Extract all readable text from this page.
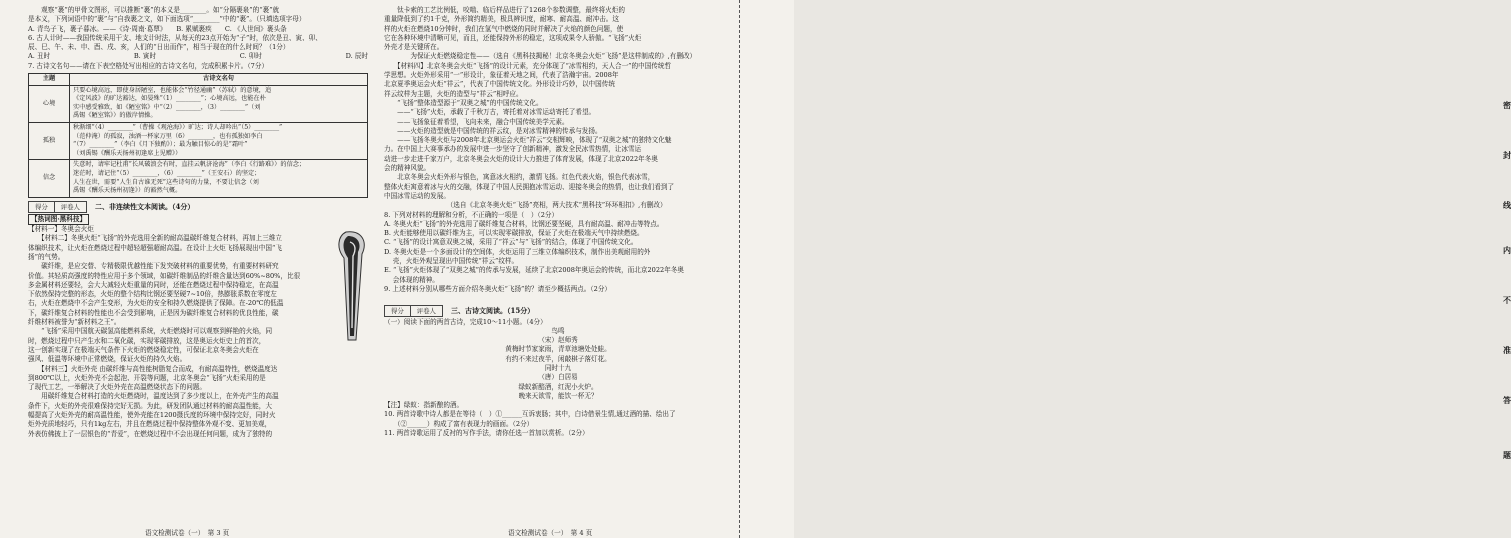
　　观察“裹”的甲骨文图形，可以推断“裹”的本义是________。如“分隔裹泉”的“裹”就

是本义，下列词语中的“裹”与“自我裹之文，如下面选项“________”中的“裹”。（只填选项字母）

A. 青鸟子飞，裹子暮冰。——《诗·周南·葛覃》　　B. 累赋裹疾　　C. 《人世间》裹头条

6. 古人计时——我国传统采用干支、地支计时法，从每天的23点开始为“子”时，依次是丑、寅、卯、

辰、巳、午、未、申、酉、戌、亥，人们的“日出而作”，相当于现在的什么时间？（1分）

A. 丑时	B. 寅时	C. 卯时	D. 辰时

7. 古诗文名句——请在下表空格处写出相应的古诗文名句，完成积累卡片。（7分）

主题	古诗文名句
心境	只要心境高远，即使身居陋室，也能体会“竹径通幽”（苏轼）的意境，追
《定风波》的旷达豁达，如晏殊“（1）________”；心境高远，也能在朴
实中感受雅致，如《陋室铭》中“（2）________，（3）________”（刘
禹锡《陋室铭》）的傲岸情操。

孤独	秋渐细“（4）________”（曹操《观沧海》）旷达；诗人却吟出“（5）________”
（范仲淹）的孤寂，浊酒一杯家万里（6）________，也有孤独如李白
“（7）________”（李白《月下独酌》）；最为触目惊心的是“霜叶”
（刘禹锡《酬乐天扬州初逢席上见赠》）

信念	失意时，请牢记杜甫“长风破浪会有时，直挂云帆济沧海”（李白《行路难》）的信念；
迷茫时，请记住“（5）________，（6）________”（王安石）的坚定；
人生在世，需要“人生自古谁无死”这些诗句的力量，不要让信念（刘
禹锡《酬乐天扬州初逢》）的豁然气概。
得分	评卷人	二、非连续性文本阅读。（4分）

【热词图·黑科技】

【材料一】冬奥会火炬

　　【材料二】冬奥火炬“飞扬”的外壳选用全新的耐高温碳纤维复合材料，再加上三维立

体编织技术，让火炬在燃烧过程中超轻超强超耐高温。在设计上火炬飞扬展现出中国“飞

扬”的气势。

　　碳纤维，是应交替、专精极限优越性能下发突破材料的重要优势，有重要材料研究

价值。其轻质高强度的特性应用于多个领域，如碳纤维制品的纤维含量达到60%~80%，比很

多金属材料还要轻，会大大减轻火炬重量的同时，还能在燃烧过程中保持稳定，在高温

下依然保持完整的形态，火炬的整个结构比钢还要坚硬7~10倍，热膨胀系数在零度左

右，火炬在燃烧中不会产生变形，为火炬的安全和持久燃烧提供了保障。在-20℃的低温

下，碳纤维复合材料的性能也不会受到影响，正是因为碳纤维复合材料的优良性能，碳

纤维材料被誉为“新材料之王”。

　　“飞扬”采用中国航天碳氢高能燃料系统，火炬燃烧时可以观察到鲜艳的火焰，同

时，燃烧过程中只产生水和二氧化碳，实现零碳排放，这是奥运火炬史上的首次，

这一创新实现了在极端天气条件下火炬的燃烧稳定性，可保证北京冬奥会火炬在

强风、低温等环境中正常燃烧，保证火炬的持久火焰。

　　【材料三】火炬外壳 由碳纤维与高性能树脂复合而成，有耐高温特性，燃烧温度达

到800℃以上，火炬外壳不会起泡、开裂等问题，北京冬奥会“飞扬”火炬采用的是

了现代工艺，一举解决了火炬外壳在高温燃烧状态下的问题。

　　用碳纤维复合材料打造的火炬燃烧时，温度达到了多少度以上，在外壳产生的高温

条件下，火炬的外壳很难保持完好无损。为此，研发团队通过材料的耐高温性能，大

幅提高了火炬外壳的耐高温性能，使外壳能在1200摄氏度的环境中保持完好，同时火

炬外壳质地轻巧，只有1kg左右，并且在燃烧过程中保持整体外观不变、更加美观，

外表仿佛披上了一层银色的“青爱”，在燃烧过程中不会出现任何问题，成为了独特的

　　钛卡索的工艺比例低，咬啮、临后样品进行了1268个参数调整，最终将火炬的

重量降低到了约1千克，外形简约精美，极具辨识度，耐寒、耐高温、耐冲击。这

样的火炬在燃烧10分钟时，我们在氢气中燃烧的同时并解决了火焰的颜色问题，使

它在各种环境中清晰可见，而且，还能保持外形的稳定，这项成果令人骄傲。“飞扬”火炬

外壳才是关键所在。

　　　　为保证火炬燃烧稳定性——（选自《黑科技揭秘！北京冬奥会火炬“飞扬”是这样制成的》,有删改）

　　【材料四】北京冬奥会火炬“飞扬”的设计元素，充分体现了“冰雪相约，天人合一”的中国传统哲

学思想。火炬外形采用“一”形设计，象征着天地之间，代表了浩瀚宇宙。2008年

北京夏季奥运会火炬“祥云”，代表了中国传统文化。外形设计巧妙，以中国传统

祥云纹样为主题，火炬的造型与“祥云”相呼应。

　　“飞扬”整体造型源于“双奥之城”的中国传统文化。

　　——“飞扬”火炬，承载了千秋万古，寄托着对冰雪运动寄托了希望。

　　——飞扬象征着希望，飞向未来，融合中国传统美学元素。

　　——火炬的造型就是中国传统的祥云纹，是对冰雪精神的传承与发扬。

　　——飞扬冬奥火炬与2008年北京奥运会火炬“祥云”交相辉映，体现了“双奥之城”的独特文化魅

力。在中国上大赛事承办的发展中进一步坚守了创新精神，激发全民冰雪热情，让冰雪运

动进一步走进千家万户，北京冬奥会火炬的设计大力推进了体育发展，体现了北京2022年冬奥

会的精神风貌。

　　北京冬奥会火炬外形与银色，寓意冰火相约，激情飞扬。红色代表火焰，银色代表冰雪，

整体火炬寓意着冰与火的交融，体现了中国人民拥抱冰雪运动、迎接冬奥会的热情，也让我们看到了

中国冰雪运动的发展。

　　　　　　　　　　（选自《北京冬奥火炬“飞扬”亮相，两大技术“黑科技”环环相扣》,有删改）

8. 下列对材料的理解和分析，不正确的一项是（　）（2分）

A. 冬奥火炬“飞扬”的外壳选用了碳纤维复合材料，比钢还要坚硬，具有耐高温、耐冲击等特点。

B. 火炬能够使用以碳纤维为主，可以实现零碳排放，保证了火炬在极端天气中持续燃烧。

C. “飞扬”的设计寓意双奥之城，采用了“祥云”与“飞扬”的结合，体现了中国传统文化。

D. 冬奥火炬是一个多面设计的空间体，火炬运用了三维立体编织技术，制作出美观耐用的外

　 壳，火炬外观呈现出中国传统“祥云”纹样。

E. “飞扬”火炬体现了“双奥之城”的传承与发展，延续了北京2008年奥运会的传统，而北京2022年冬奥

　 会体现的精神。

9. 上述材料分别从哪些方面介绍冬奥火炬“飞扬”的？请至少概括两点。（2分）

得分	评卷人	三、古诗文阅读。（15分）

（一）阅读下面的两首古诗，完成10～11小题。（4分）

鸟鸣

（宋）赵师秀

黄梅时节家家雨，青草池塘处处蛙。

有约不来过夜半，闲敲棋子落灯花。

同时十九

（唐）白居易

绿蚁新醅酒，红泥小火炉。

晚来天欲雪，能饮一杯无？

【注】绿蚁：指新酿的酒。

10. 两首诗歌中诗人都是在等待（　）①______互诉衷肠；其中，白诗借景生情,通过酒的描、绘出了

　　（②______）构成了富有表现力的画面。（2分）

11. 两首诗歌运用了反衬的写作手法，请你任选一首加以赏析。（2分）

语文检测试卷（一）　第 3 页	语文检测试卷（一）　第 4 页
密
封
线
内
不
准
答
题
